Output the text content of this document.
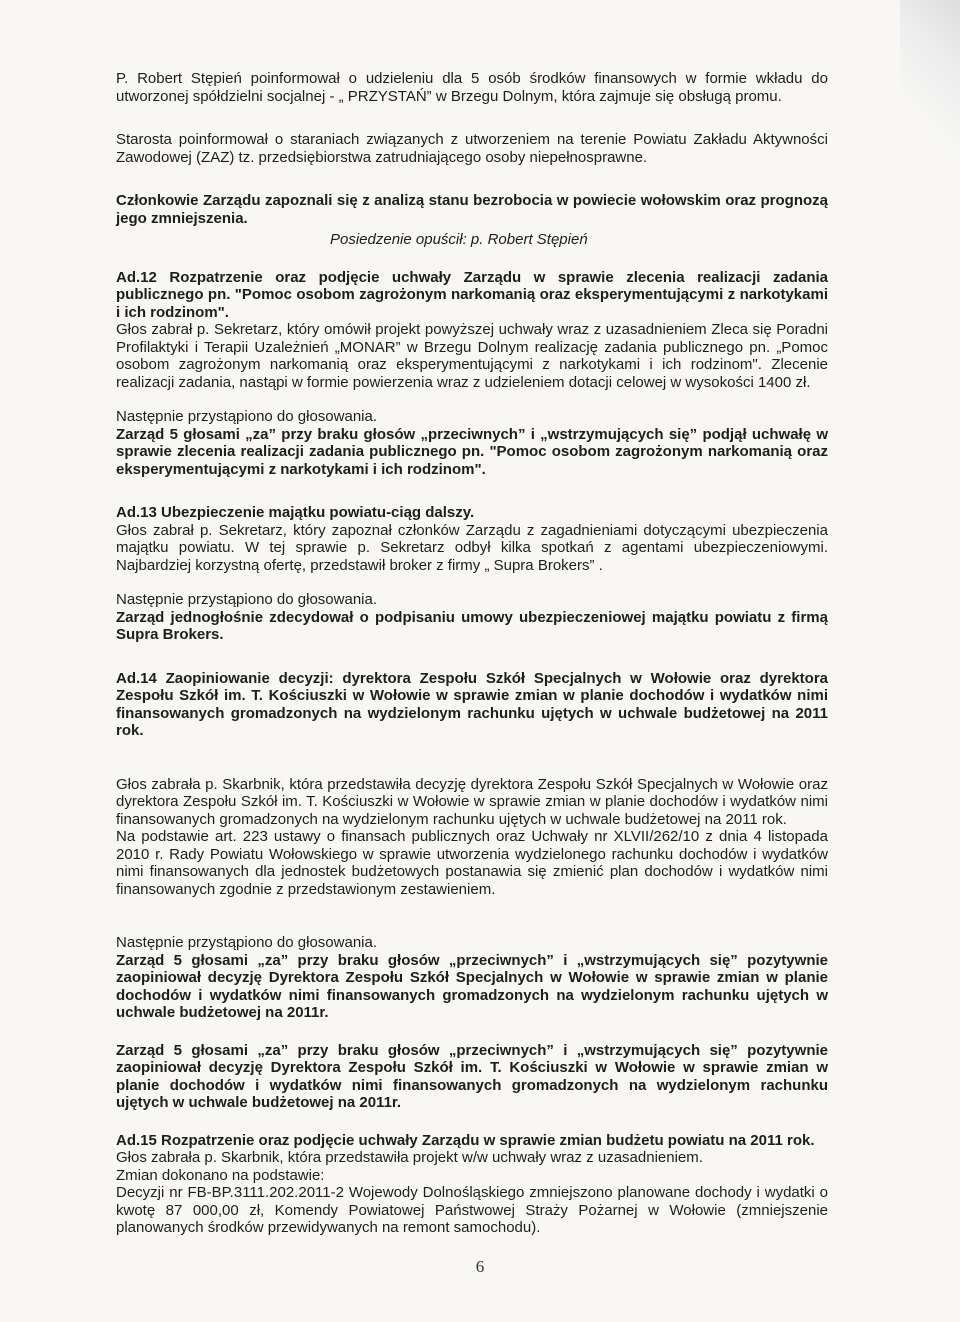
P. Robert Stępień poinformował o udzieleniu dla 5 osób środków finansowych w formie wkładu do utworzonej spółdzielni socjalnej - „ PRZYSTAŃ” w Brzegu Dolnym, która zajmuje się obsługą promu.

Starosta poinformował o staraniach związanych z utworzeniem na terenie Powiatu Zakładu Aktywności Zawodowej (ZAZ) tz. przedsiębiorstwa zatrudniającego osoby niepełnosprawne.

Członkowie Zarządu zapoznali się z analizą stanu bezrobocia w powiecie wołowskim oraz prognozą jego zmniejszenia.

Posiedzenie opuścił: p. Robert Stępień

Ad.12 Rozpatrzenie oraz podjęcie uchwały Zarządu w sprawie zlecenia realizacji zadania publicznego pn. "Pomoc osobom zagrożonym narkomanią oraz eksperymentującymi z narkotykami i ich rodzinom".

Głos zabrał p. Sekretarz, który omówił projekt powyższej uchwały wraz z uzasadnieniem Zleca się Poradni Profilaktyki i Terapii Uzależnień „MONAR” w Brzegu Dolnym realizację zadania publicznego pn. „Pomoc osobom zagrożonym narkomanią oraz eksperymentującymi z narkotykami i ich rodzinom". Zlecenie realizacji zadania, nastąpi w formie powierzenia wraz z udzieleniem dotacji celowej w wysokości 1400 zł.

Następnie przystąpiono do głosowania.

Zarząd 5 głosami „za” przy braku głosów „przeciwnych” i „wstrzymujących się” podjął uchwałę w sprawie zlecenia realizacji zadania publicznego pn. "Pomoc osobom zagrożonym narkomanią oraz eksperymentującymi z narkotykami i ich rodzinom".

Ad.13 Ubezpieczenie majątku powiatu-ciąg dalszy.

Głos zabrał p. Sekretarz, który zapoznał członków Zarządu z zagadnieniami dotyczącymi ubezpieczenia majątku powiatu. W tej sprawie p. Sekretarz odbył kilka spotkań z agentami ubezpieczeniowymi. Najbardziej korzystną ofertę, przedstawił broker z firmy „ Supra Brokers” .

Następnie przystąpiono do głosowania.

Zarząd jednogłośnie zdecydował o podpisaniu umowy ubezpieczeniowej majątku powiatu z firmą Supra Brokers.

Ad.14 Zaopiniowanie decyzji: dyrektora Zespołu Szkół Specjalnych w Wołowie oraz dyrektora Zespołu Szkół im. T. Kościuszki w Wołowie w sprawie zmian w planie dochodów i wydatków nimi finansowanych gromadzonych na wydzielonym rachunku ujętych w uchwale budżetowej na 2011 rok.

Głos zabrała p. Skarbnik, która przedstawiła decyzję dyrektora Zespołu Szkół Specjalnych w Wołowie oraz dyrektora Zespołu Szkół im. T. Kościuszki w Wołowie w sprawie zmian w planie dochodów i wydatków nimi finansowanych gromadzonych na wydzielonym rachunku ujętych w uchwale budżetowej na 2011 rok.

Na podstawie art. 223 ustawy o finansach publicznych oraz Uchwały nr XLVII/262/10 z dnia 4 listopada 2010 r. Rady Powiatu Wołowskiego w sprawie utworzenia wydzielonego rachunku dochodów i wydatków nimi finansowanych dla jednostek budżetowych postanawia się zmienić plan dochodów i wydatków nimi finansowanych zgodnie z przedstawionym zestawieniem.

Następnie przystąpiono do głosowania.

Zarząd 5 głosami „za” przy braku głosów „przeciwnych” i „wstrzymujących się” pozytywnie zaopiniował decyzję Dyrektora Zespołu Szkół Specjalnych w Wołowie w sprawie zmian w planie dochodów i wydatków nimi finansowanych gromadzonych na wydzielonym rachunku ujętych w uchwale budżetowej na 2011r.

Zarząd 5 głosami „za” przy braku głosów „przeciwnych” i „wstrzymujących się” pozytywnie zaopiniował decyzję Dyrektora Zespołu Szkół im. T. Kościuszki w Wołowie w sprawie zmian w planie dochodów i wydatków nimi finansowanych gromadzonych na wydzielonym rachunku ujętych w uchwale budżetowej na 2011r.

Ad.15 Rozpatrzenie oraz podjęcie uchwały Zarządu w sprawie zmian budżetu powiatu na 2011 rok.

Głos zabrała p. Skarbnik, która przedstawiła projekt w/w uchwały wraz z uzasadnieniem.

Zmian dokonano na podstawie:

Decyzji nr FB-BP.3111.202.2011-2 Wojewody Dolnośląskiego zmniejszono planowane dochody i wydatki o kwotę 87 000,00 zł, Komendy Powiatowej Państwowej Straży Pożarnej w Wołowie (zmniejszenie planowanych środków przewidywanych na remont samochodu).

6
